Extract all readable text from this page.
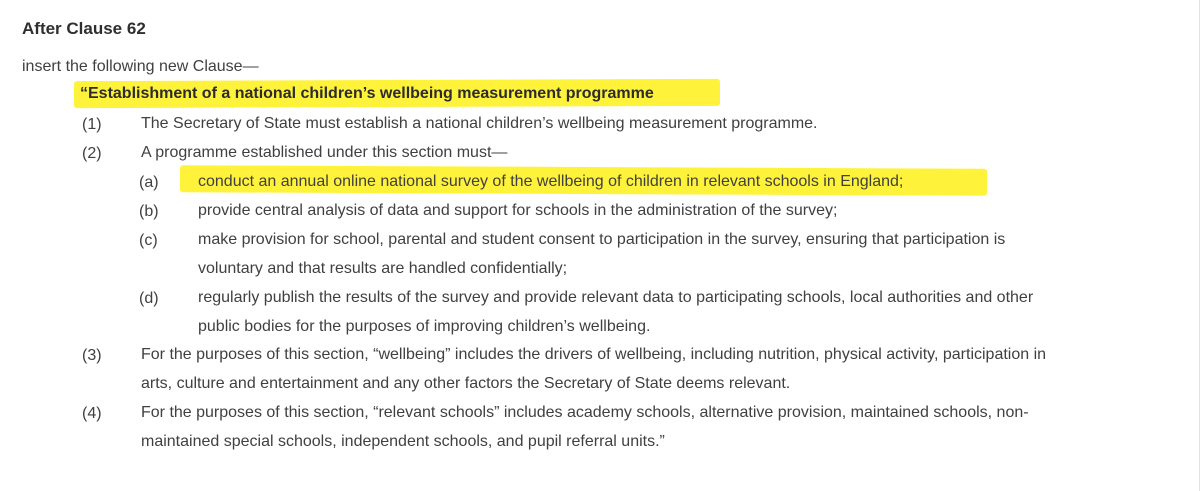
After Clause 62
insert the following new Clause—
“Establishment of a national children’s wellbeing measurement programme
(1) The Secretary of State must establish a national children’s wellbeing measurement programme.
(2) A programme established under this section must—
(a) conduct an annual online national survey of the wellbeing of children in relevant schools in England;
(b) provide central analysis of data and support for schools in the administration of the survey;
(c)	make provision for school, parental and student consent to participation in the survey, ensuring that participation is
voluntary and that results are handled confidentially;
(d) regularly publish the results of the survey and provide relevant data to participating schools, local authorities and other
public bodies for the purposes of improving children’s wellbeing.
(3) For the purposes of this section, “wellbeing” includes the drivers of wellbeing, including nutrition, physical activity, participation in
arts, culture and entertainment and any other factors the Secretary of State deems relevant.
(4) For the purposes of this section, “relevant schools” includes academy schools, alternative provision, maintained schools, non-
maintained special schools, independent schools, and pupil referral units.”
